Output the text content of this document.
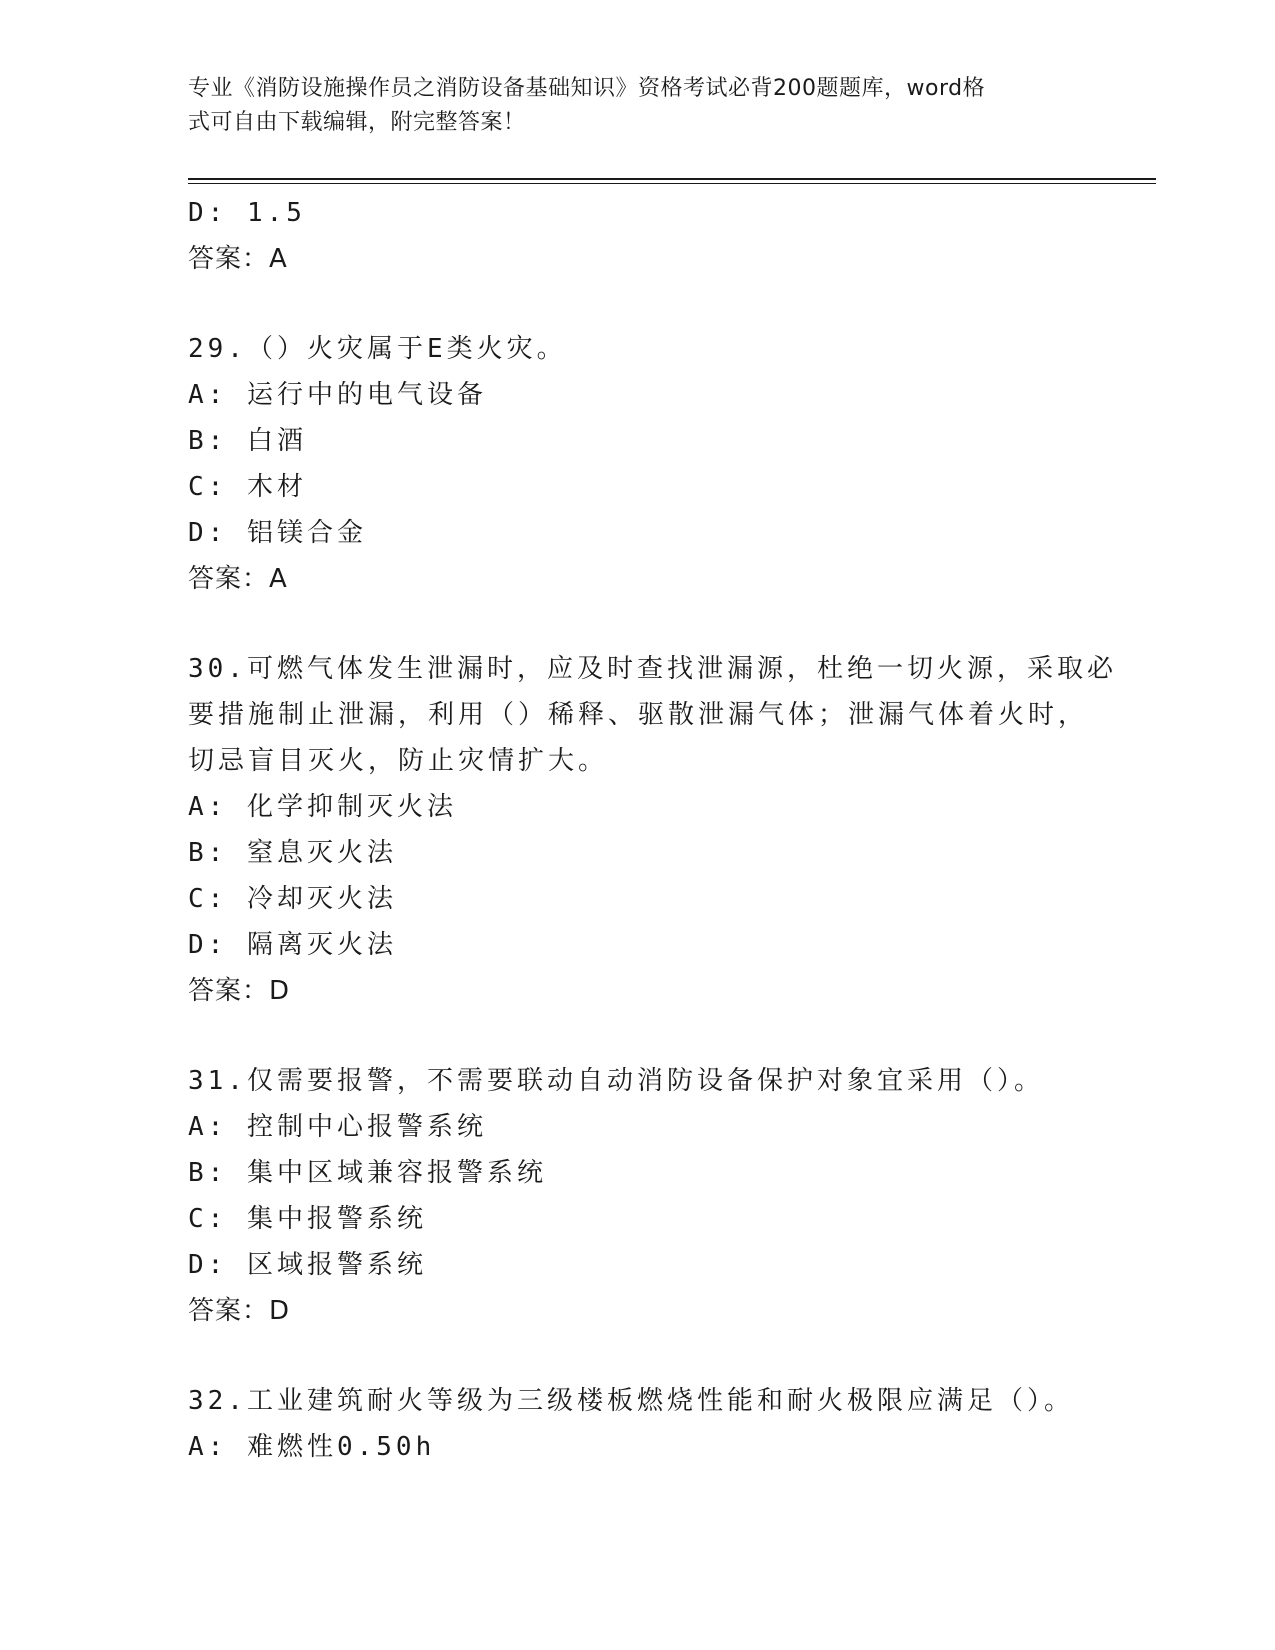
专业《消防设施操作员之消防设备基础知识》资格考试必背200题题库，word格
式可自由下载编辑，附完整答案！
D: 1.5
答案：A
29.（）火灾属于E类火灾。
A: 运行中的电气设备
B: 白酒
C: 木材
D: 铝镁合金
答案：A
30.可燃气体发生泄漏时，应及时查找泄漏源，杜绝一切火源，采取必
要措施制止泄漏，利用（）稀释、驱散泄漏气体；泄漏气体着火时，
切忌盲目灭火，防止灾情扩大。
A: 化学抑制灭火法
B: 窒息灭火法
C: 冷却灭火法
D: 隔离灭火法
答案：D
31.仅需要报警，不需要联动自动消防设备保护对象宜采用（）。
A: 控制中心报警系统
B: 集中区域兼容报警系统
C: 集中报警系统
D: 区域报警系统
答案：D
32.工业建筑耐火等级为三级楼板燃烧性能和耐火极限应满足（）。
A: 难燃性0.50h
